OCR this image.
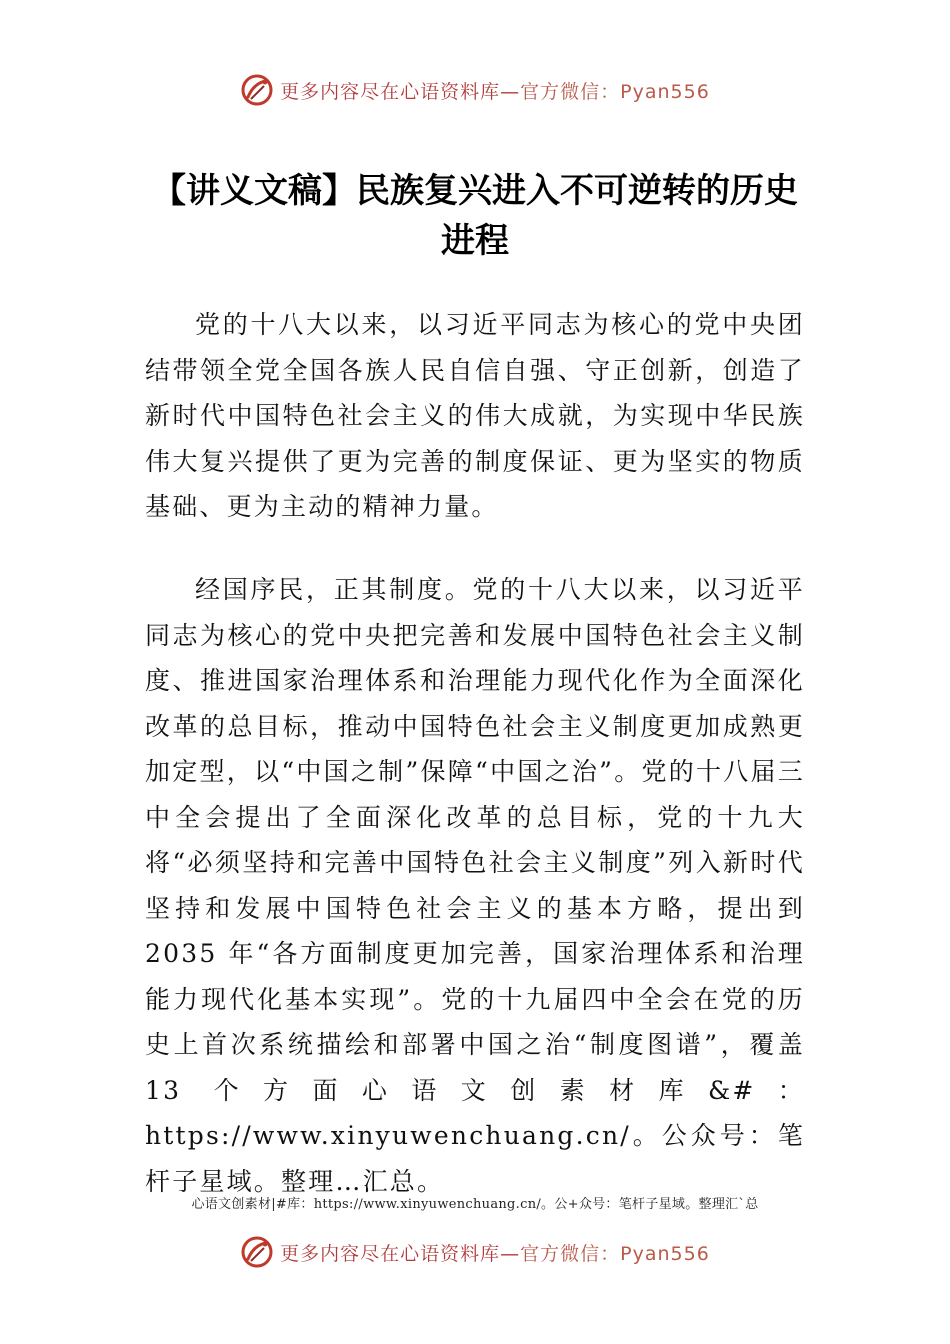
更多内容尽在心语资料库—官方微信：Pyan556
【讲义文稿】民族复兴进入不可逆转的历史
进程

党的十八大以来，以习近平同志为核心的党中央团结带领全党全国各族人民自信自强、守正创新，创造了新时代中国特色社会主义的伟大成就，为实现中华民族伟大复兴提供了更为完善的制度保证、更为坚实的物质基础、更为主动的精神力量。

经国序民，正其制度。党的十八大以来，以习近平同志为核心的党中央把完善和发展中国特色社会主义制度、推进国家治理体系和治理能力现代化作为全面深化改革的总目标，推动中国特色社会主义制度更加成熟更加定型，以“中国之制”保障“中国之治”。党的十八届三中全会提出了全面深化改革的总目标，党的十九大将“必须坚持和完善中国特色社会主义制度”列入新时代坚持和发展中国特色社会主义的基本方略，提出到2035 年“各方面制度更加完善，国家治理体系和治理能力现代化基本实现”。党的十九届四中全会在党的历史上首次系统描绘和部署中国之治“制度图谱”，覆盖13 个方面心语文创素材库&#：https://www.xinyuwenchuang.cn/。公众号：笔杆子星域。整理…汇总。

心语文创素材|#库：https://www.xinyuwenchuang.cn/。公+众号：笔杆子星域。整理汇`总
更多内容尽在心语资料库—官方微信：Pyan556
